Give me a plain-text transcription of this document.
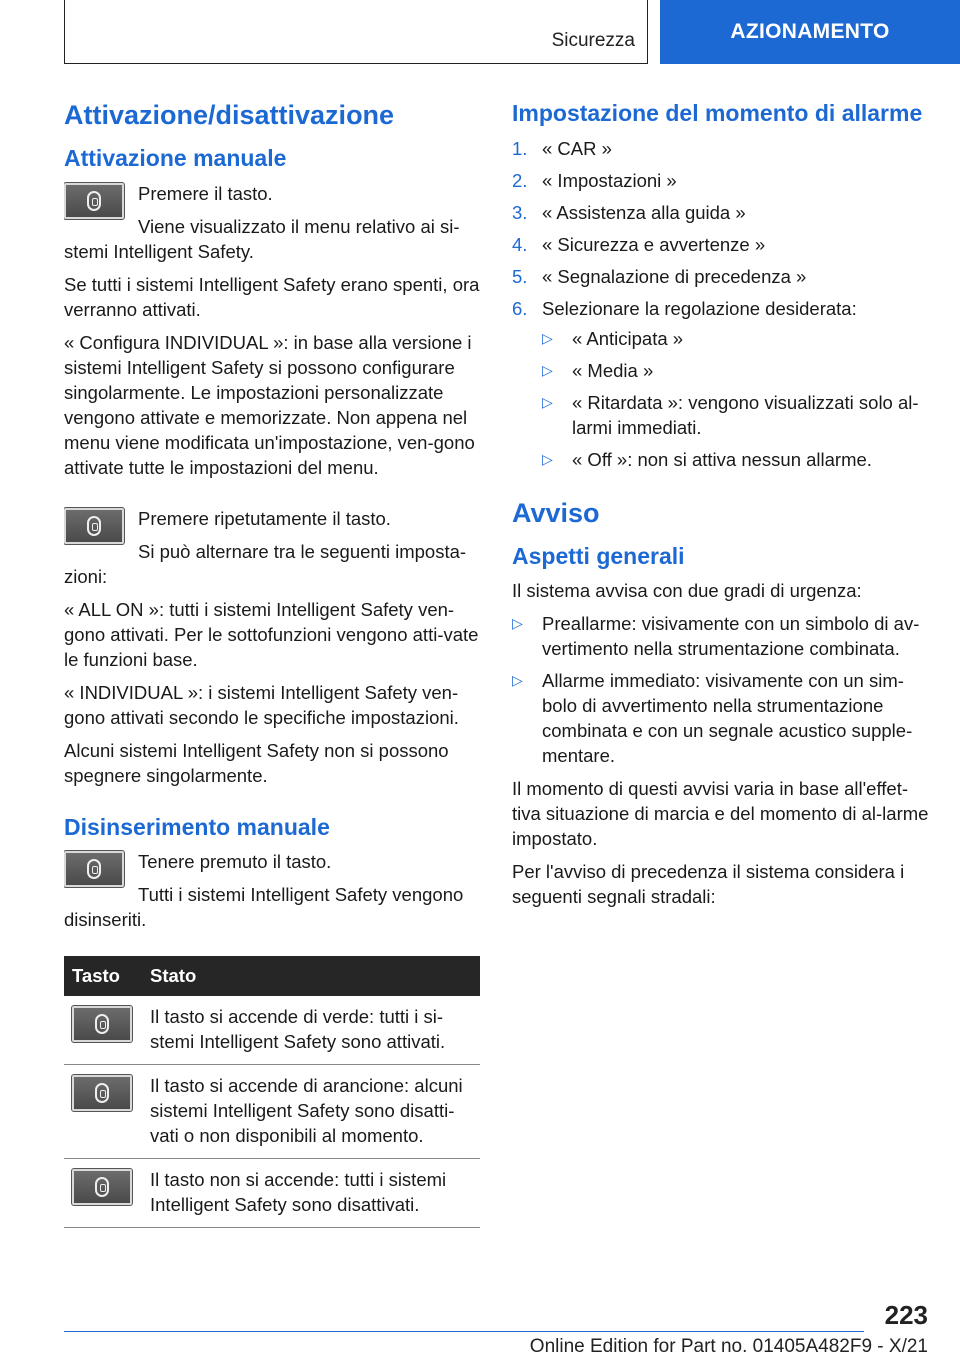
Sicurezza	AZIONAMENTO
Attivazione/disattivazione
Attivazione manuale

Premere il tasto.

Viene visualizzato il menu relativo ai si-stemi Intelligent Safety.

Se tutti i sistemi Intelligent Safety erano spenti, ora verranno attivati.

« Configura INDIVIDUAL »: in base alla versione i sistemi Intelligent Safety si possono configurare singolarmente. Le impostazioni personalizzate vengono attivate e memorizzate. Non appena nel menu viene modificata un'impostazione, ven-gono attivate tutte le impostazioni del menu.

Premere ripetutamente il tasto.

Si può alternare tra le seguenti imposta-zioni:

« ALL ON »: tutti i sistemi Intelligent Safety ven-gono attivati. Per le sottofunzioni vengono atti-vate le funzioni base.

« INDIVIDUAL »: i sistemi Intelligent Safety ven-gono attivati secondo le specifiche impostazioni.

Alcuni sistemi Intelligent Safety non si possono spegnere singolarmente.

Disinserimento manuale

Tenere premuto il tasto.

Tutti i sistemi Intelligent Safety vengono disinseriti.

Tasto	Stato

	Il tasto si accende di verde: tutti i si-stemi Intelligent Safety sono attivati.

	Il tasto si accende di arancione: alcuni sistemi Intelligent Safety sono disatti-vati o non disponibili al momento.

	Il tasto non si accende: tutti i sistemi Intelligent Safety sono disattivati.
Impostazione del momento di allarme
1. « CAR »
2. « Impostazioni »
3. « Assistenza alla guida »
4. « Sicurezza e avvertenze »
5. « Segnalazione di precedenza »
6. Selezionare la regolazione desiderata:
▷ « Anticipata »
▷ « Media »
▷ « Ritardata »: vengono visualizzati solo al-larmi immediati.
▷ « Off »: non si attiva nessun allarme.
Avviso
Aspetti generali

Il sistema avvisa con due gradi di urgenza:

▷ Preallarme: visivamente con un simbolo di av-vertimento nella strumentazione combinata.
▷ Allarme immediato: visivamente con un sim-bolo di avvertimento nella strumentazione combinata e con un segnale acustico supple-mentare.

Il momento di questi avvisi varia in base all'effet-tiva situazione di marcia e del momento di al-larme impostato.

Per l'avviso di precedenza il sistema considera i seguenti segnali stradali:

223
Online Edition for Part no. 01405A482F9 - X/21
